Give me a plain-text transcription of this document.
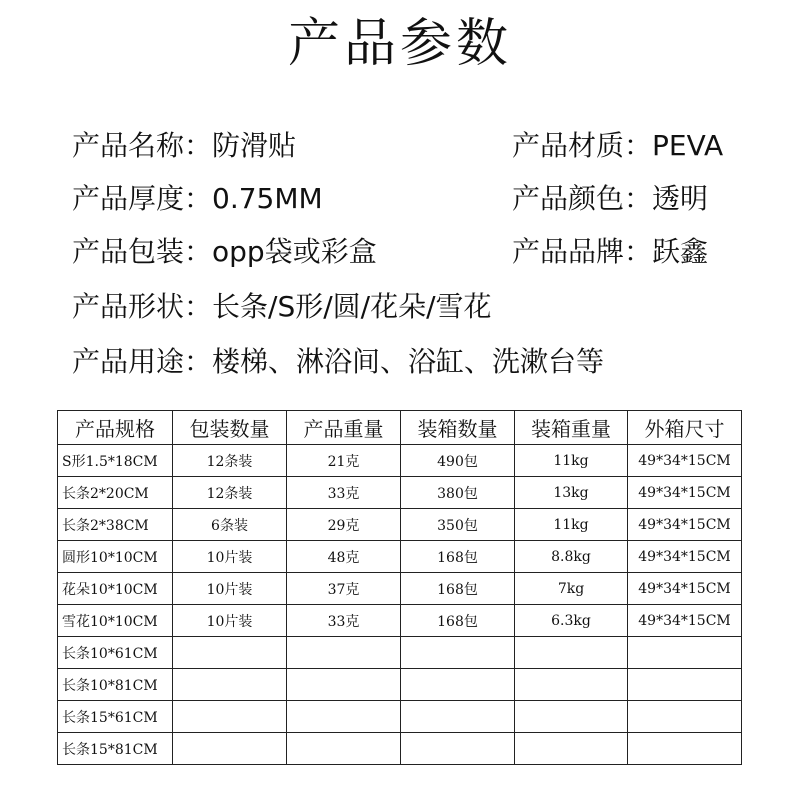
产品参数
产品名称：防滑贴	产品材质：PEVA
产品厚度：0.75MM	产品颜色：透明
产品包装：opp袋或彩盒	产品品牌：跃鑫
产品形状：长条/S形/圆/花朵/雪花
产品用途：楼梯、淋浴间、浴缸、洗漱台等
产品规格	包装数量	产品重量	装箱数量	装箱重量	外箱尺寸
S形1.5*18CM	12条装	21克	490包	11kg	49*34*15CM
长条2*20CM	12条装	33克	380包	13kg	49*34*15CM
长条2*38CM	6条装	29克	350包	11kg	49*34*15CM
圆形10*10CM	10片装	48克	168包	8.8kg	49*34*15CM
花朵10*10CM	10片装	37克	168包	7kg	49*34*15CM
雪花10*10CM	10片装	33克	168包	6.3kg	49*34*15CM
长条10*61CM					
长条10*81CM					
长条15*61CM					
长条15*81CM					
